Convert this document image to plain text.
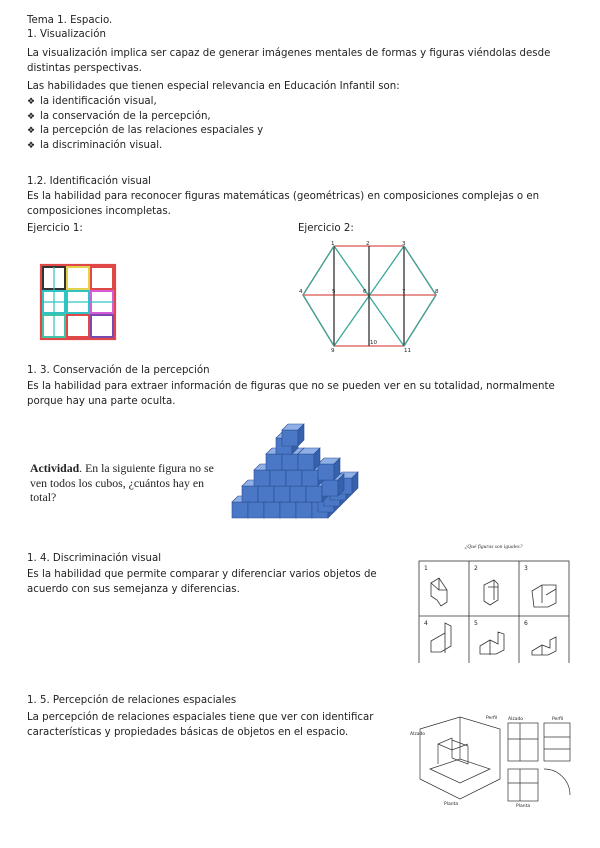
Tema 1. Espacio.

1. Visualización

La visualización implica ser capaz de generar imágenes mentales de formas y figuras viéndolas desde distintas perspectivas.

Las habilidades que tienen especial relevancia en Educación Infantil son:

❖ la identificación visual,
❖ la conservación de la percepción,
❖ la percepción de las relaciones espaciales y
❖ la discriminación visual.

1.2. Identificación visual

Es la habilidad para reconocer figuras matemáticas (geométricas) en composiciones complejas o en composiciones incompletas.

Ejercicio 1:	Ejercicio 2:

1	2	3
4	5	6	7	8
9
10
11

1. 3. Conservación de la percepción

Es la habilidad para extraer información de figuras que no se pueden ver en su totalidad, normalmente porque hay una parte oculta.

Actividad. En la siguiente figura no se ven todos los cubos, ¿cuántos hay en total?

1. 4. Discriminación visual

Es la habilidad que permite comparar y diferenciar varios objetos de acuerdo con sus semejanza y diferencias.

¿Qué figuras son iguales?
1	2	3
4	5	6

1. 5. Percepción de relaciones espaciales

La percepción de relaciones espaciales tiene que ver con identificar características y propiedades básicas de objetos en el espacio.	Alzado
Perfil Alzado	Perfil
Planta	Planta
